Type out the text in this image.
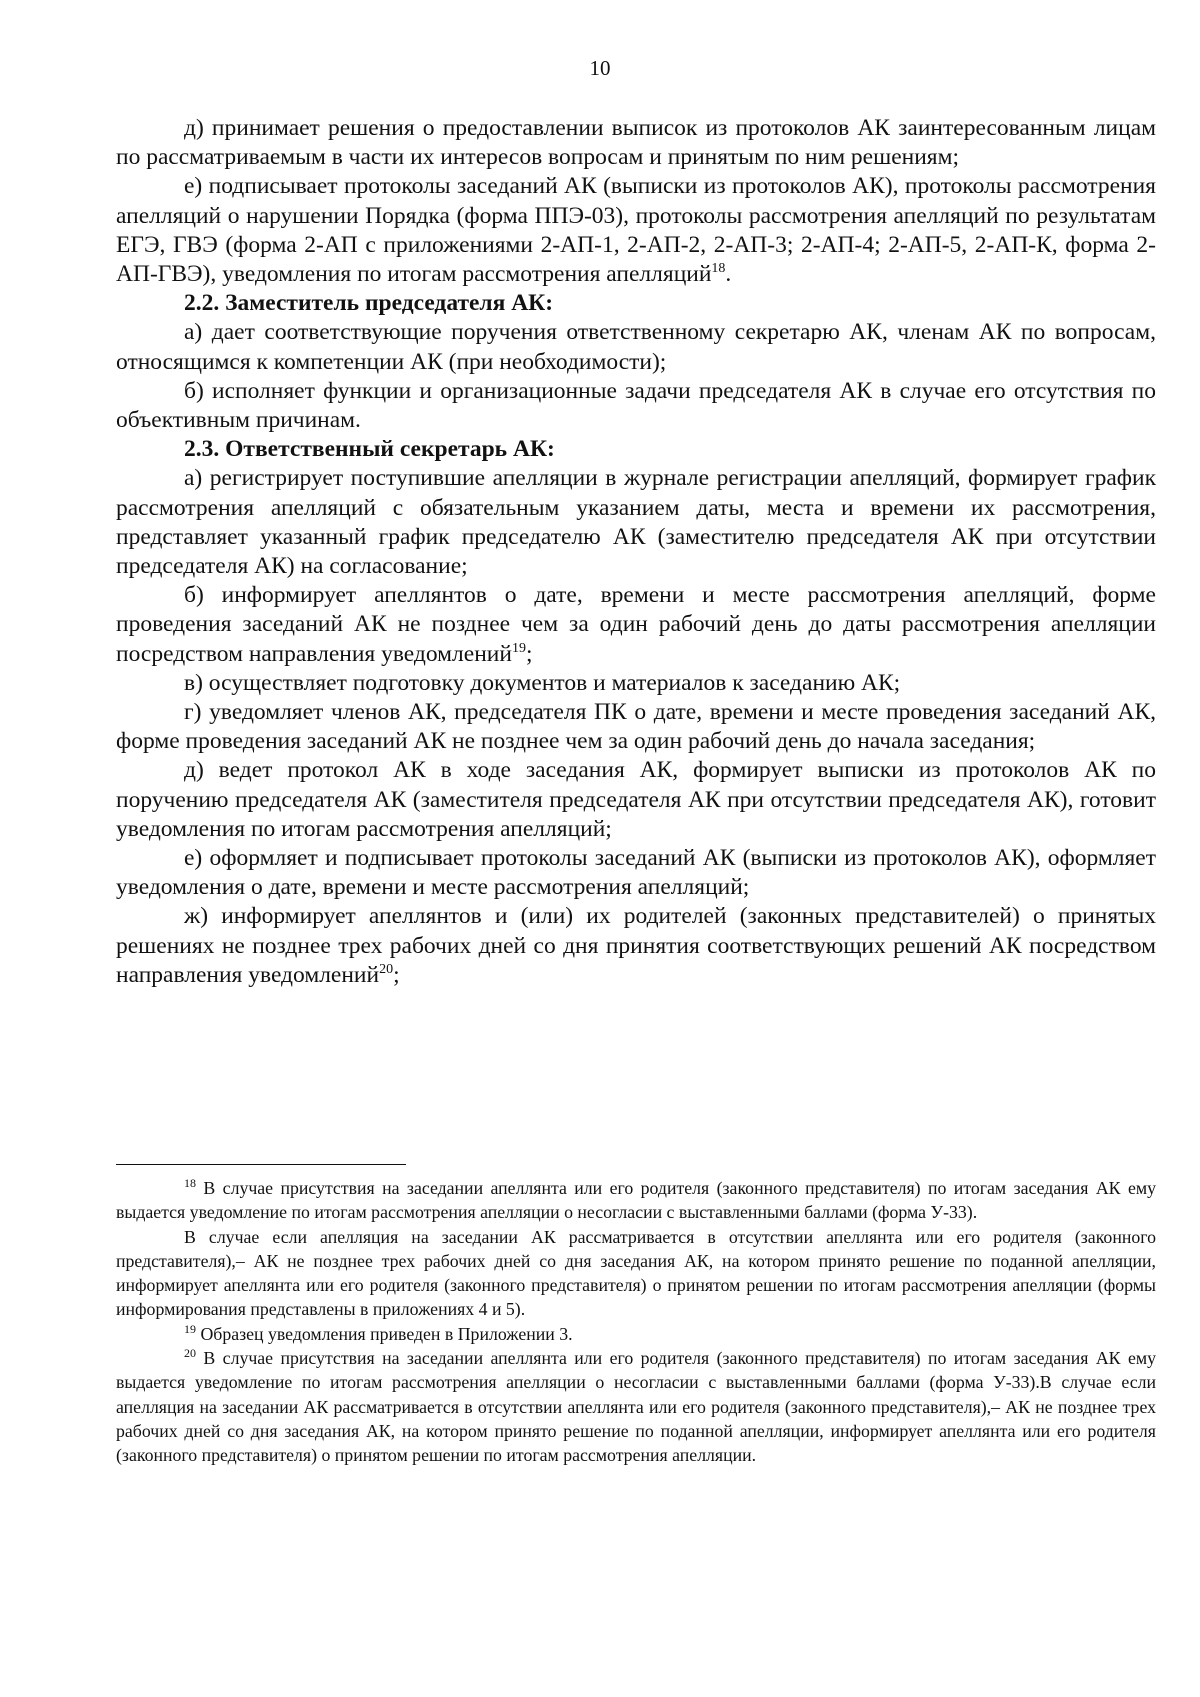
10

д) принимает решения о предоставлении выписок из протоколов АК заинтересованным лицам по рассматриваемым в части их интересов вопросам и принятым по ним решениям;

е) подписывает протоколы заседаний АК (выписки из протоколов АК), протоколы рассмотрения апелляций о нарушении Порядка (форма ППЭ-03), протоколы рассмотрения апелляций по результатам ЕГЭ, ГВЭ (форма 2-АП с приложениями 2-АП-1, 2-АП-2, 2-АП-3; 2-АП-4; 2-АП-5, 2-АП-К, форма 2-АП-ГВЭ), уведомления по итогам рассмотрения апелляций$^{18}$.

2.2. Заместитель председателя АК:

а) дает соответствующие поручения ответственному секретарю АК, членам АК по вопросам, относящимся к компетенции АК (при необходимости);

б) исполняет функции и организационные задачи председателя АК в случае его отсутствия по объективным причинам.

2.3. Ответственный секретарь АК:

а) регистрирует поступившие апелляции в журнале регистрации апелляций, формирует график рассмотрения апелляций с обязательным указанием даты, места и времени их рассмотрения, представляет указанный график председателю АК (заместителю председателя АК при отсутствии председателя АК) на согласование;

б) информирует апеллянтов о дате, времени и месте рассмотрения апелляций, форме проведения заседаний АК не позднее чем за один рабочий день до даты рассмотрения апелляции посредством направления уведомлений$^{19}$;

в) осуществляет подготовку документов и материалов к заседанию АК;

г) уведомляет членов АК, председателя ПК о дате, времени и месте проведения заседаний АК, форме проведения заседаний АК не позднее чем за один рабочий день до начала заседания;

д) ведет протокол АК в ходе заседания АК, формирует выписки из протоколов АК по поручению председателя АК (заместителя председателя АК при отсутствии председателя АК), готовит уведомления по итогам рассмотрения апелляций;

е) оформляет и подписывает протоколы заседаний АК (выписки из протоколов АК), оформляет уведомления о дате, времени и месте рассмотрения апелляций;

ж) информирует апеллянтов и (или) их родителей (законных представителей) о принятых решениях не позднее трех рабочих дней со дня принятия соответствующих решений АК посредством направления уведомлений$^{20}$;

$^{18}$ В случае присутствия на заседании апеллянта или его родителя (законного представителя) по итогам заседания АК ему выдается уведомление по итогам рассмотрения апелляции о несогласии с выставленными баллами (форма У-33).

В случае если апелляция на заседании АК рассматривается в отсутствии апеллянта или его родителя (законного представителя),– АК не позднее трех рабочих дней со дня заседания АК, на котором принято решение по поданной апелляции, информирует апеллянта или его родителя (законного представителя) о принятом решении по итогам рассмотрения апелляции (формы информирования представлены в приложениях 4 и 5).

$^{19}$ Образец уведомления приведен в Приложении 3.

$^{20}$ В случае присутствия на заседании апеллянта или его родителя (законного представителя) по итогам заседания АК ему выдается уведомление по итогам рассмотрения апелляции о несогласии с выставленными баллами (форма У-33).В случае если апелляция на заседании АК рассматривается в отсутствии апеллянта или его родителя (законного представителя),– АК не позднее трех рабочих дней со дня заседания АК, на котором принято решение по поданной апелляции, информирует апеллянта или его родителя (законного представителя) о принятом решении по итогам рассмотрения апелляции.
